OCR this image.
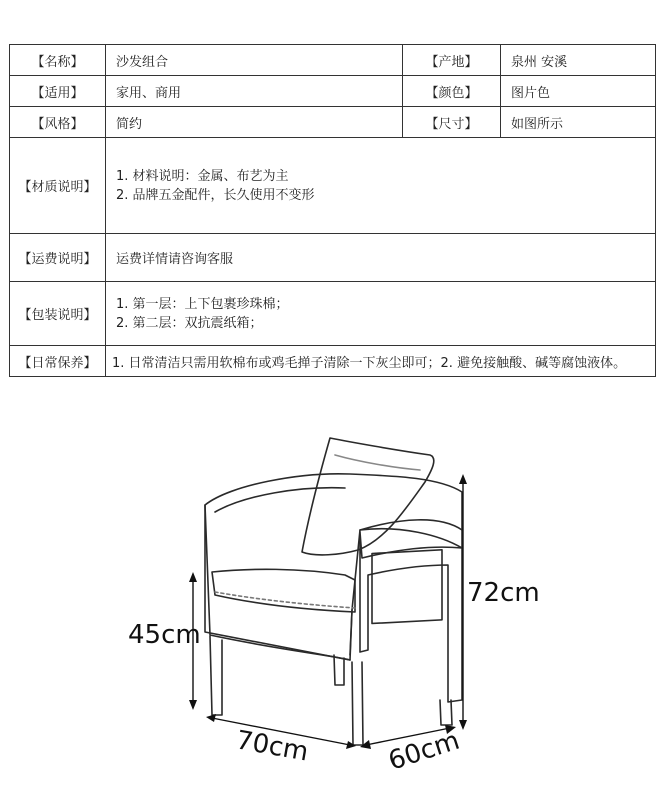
【名称】	沙发组合	【产地】	泉州 安溪
【适用】	家用、商用	【颜色】	图片色
【风格】	简约	【尺寸】	如图所示
【材质说明】	1. 材料说明：金属、布艺为主
2. 品牌五金配件，长久使用不变形		

【运费说明】	运费详情请咨询客服		
【包装说明】	1. 第一层：上下包裹珍珠棉；
2. 第二层：双抗震纸箱；		

【日常保养】	1. 日常清洁只需用软棉布或鸡毛掸子清除一下灰尘即可；2. 避免接触酸、碱等腐蚀液体。		
72cm
45cm
70cm	60cm
